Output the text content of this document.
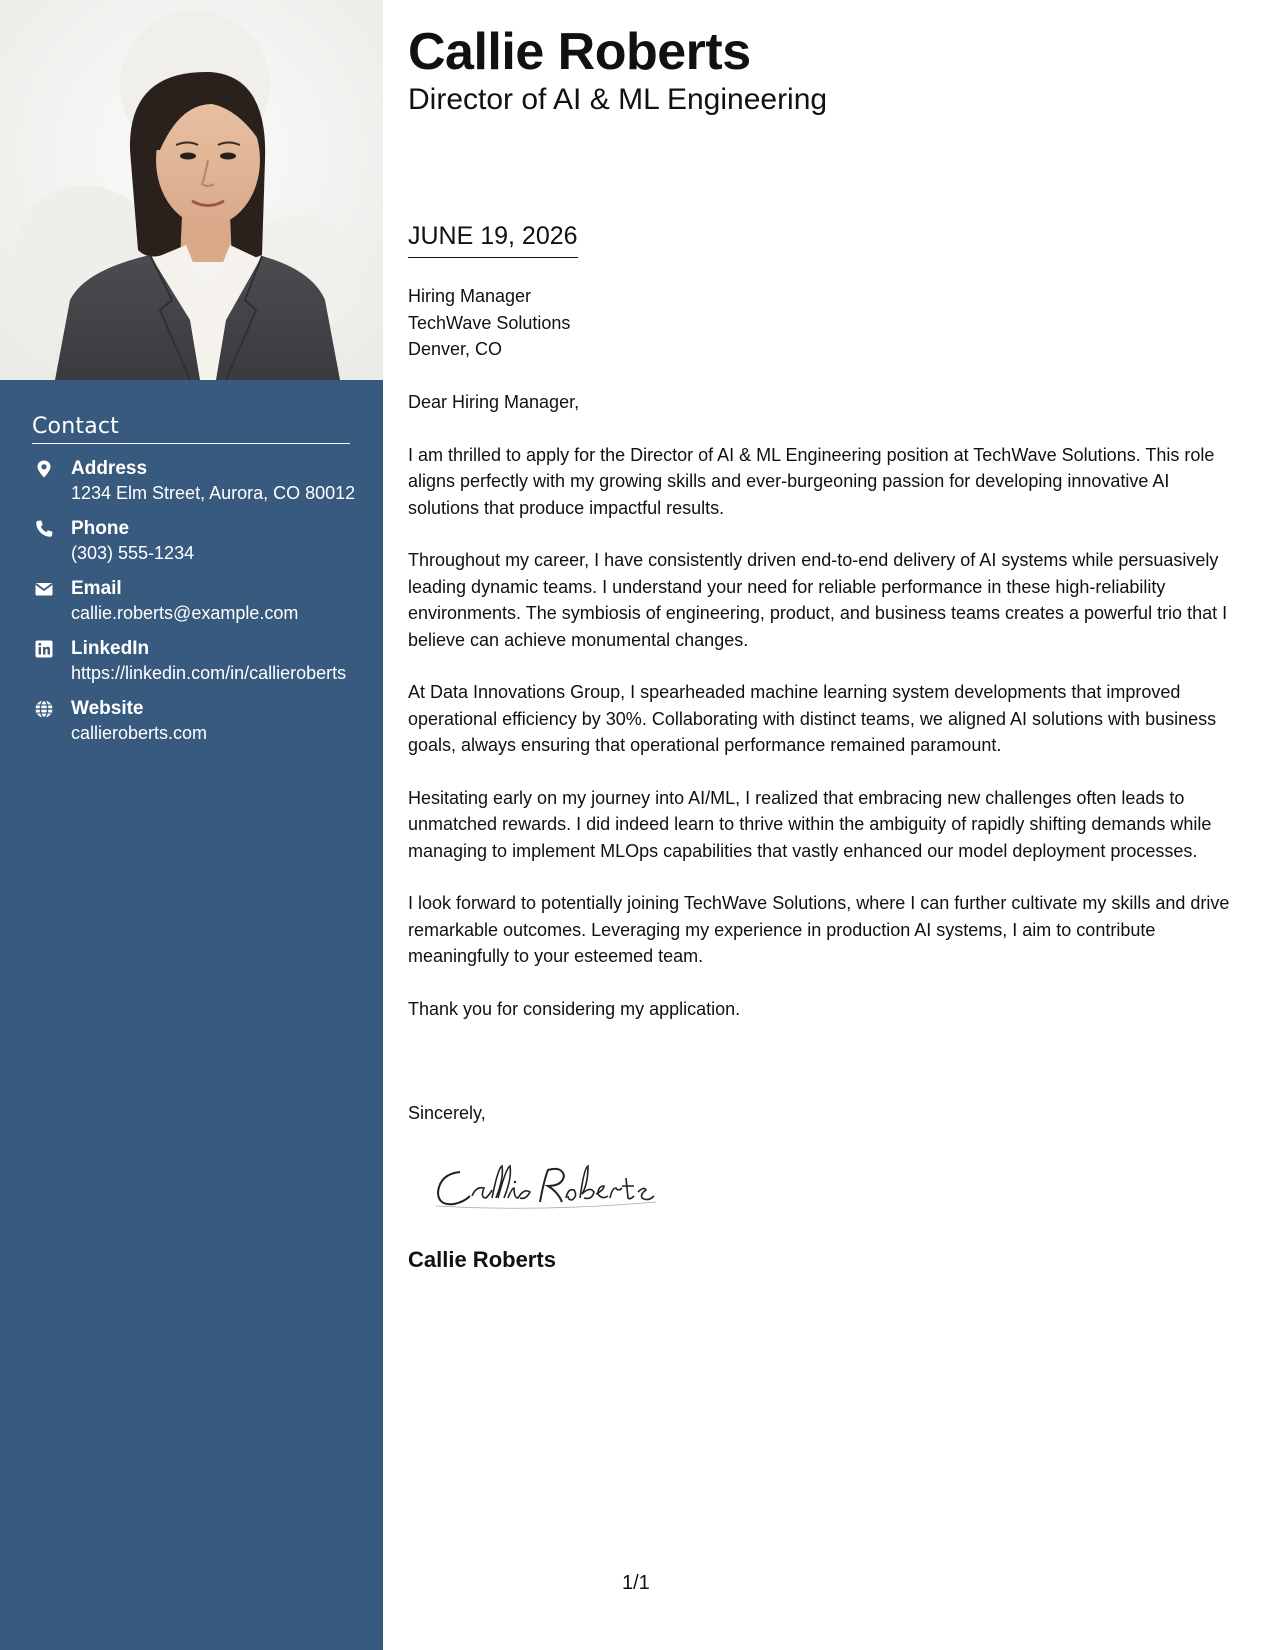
Contact
Address
1234 Elm Street, Aurora, CO 80012
Phone
(303) 555-1234
Email
callie.roberts@example.com
LinkedIn
https://linkedin.com/in/callieroberts
Website
callieroberts.com
Callie Roberts
Director of AI & ML Engineering
JUNE 19, 2026
Hiring Manager
TechWave Solutions
Denver, CO

Dear Hiring Manager,

I am thrilled to apply for the Director of AI & ML Engineering position at TechWave Solutions. This role aligns perfectly with my growing skills and ever-burgeoning passion for developing innovative AI solutions that produce impactful results.

Throughout my career, I have consistently driven end-to-end delivery of AI systems while persuasively leading dynamic teams. I understand your need for reliable performance in these high-reliability environments. The symbiosis of engineering, product, and business teams creates a powerful trio that I believe can achieve monumental changes.

At Data Innovations Group, I spearheaded machine learning system developments that improved operational efficiency by 30%. Collaborating with distinct teams, we aligned AI solutions with business goals, always ensuring that operational performance remained paramount.

Hesitating early on my journey into AI/ML, I realized that embracing new challenges often leads to unmatched rewards. I did indeed learn to thrive within the ambiguity of rapidly shifting demands while managing to implement MLOps capabilities that vastly enhanced our model deployment processes.

I look forward to potentially joining TechWave Solutions, where I can further cultivate my skills and drive remarkable outcomes. Leveraging my experience in production AI systems, I aim to contribute meaningfully to your esteemed team.

Thank you for considering my application.

Sincerely,
Callie Roberts
1/1
